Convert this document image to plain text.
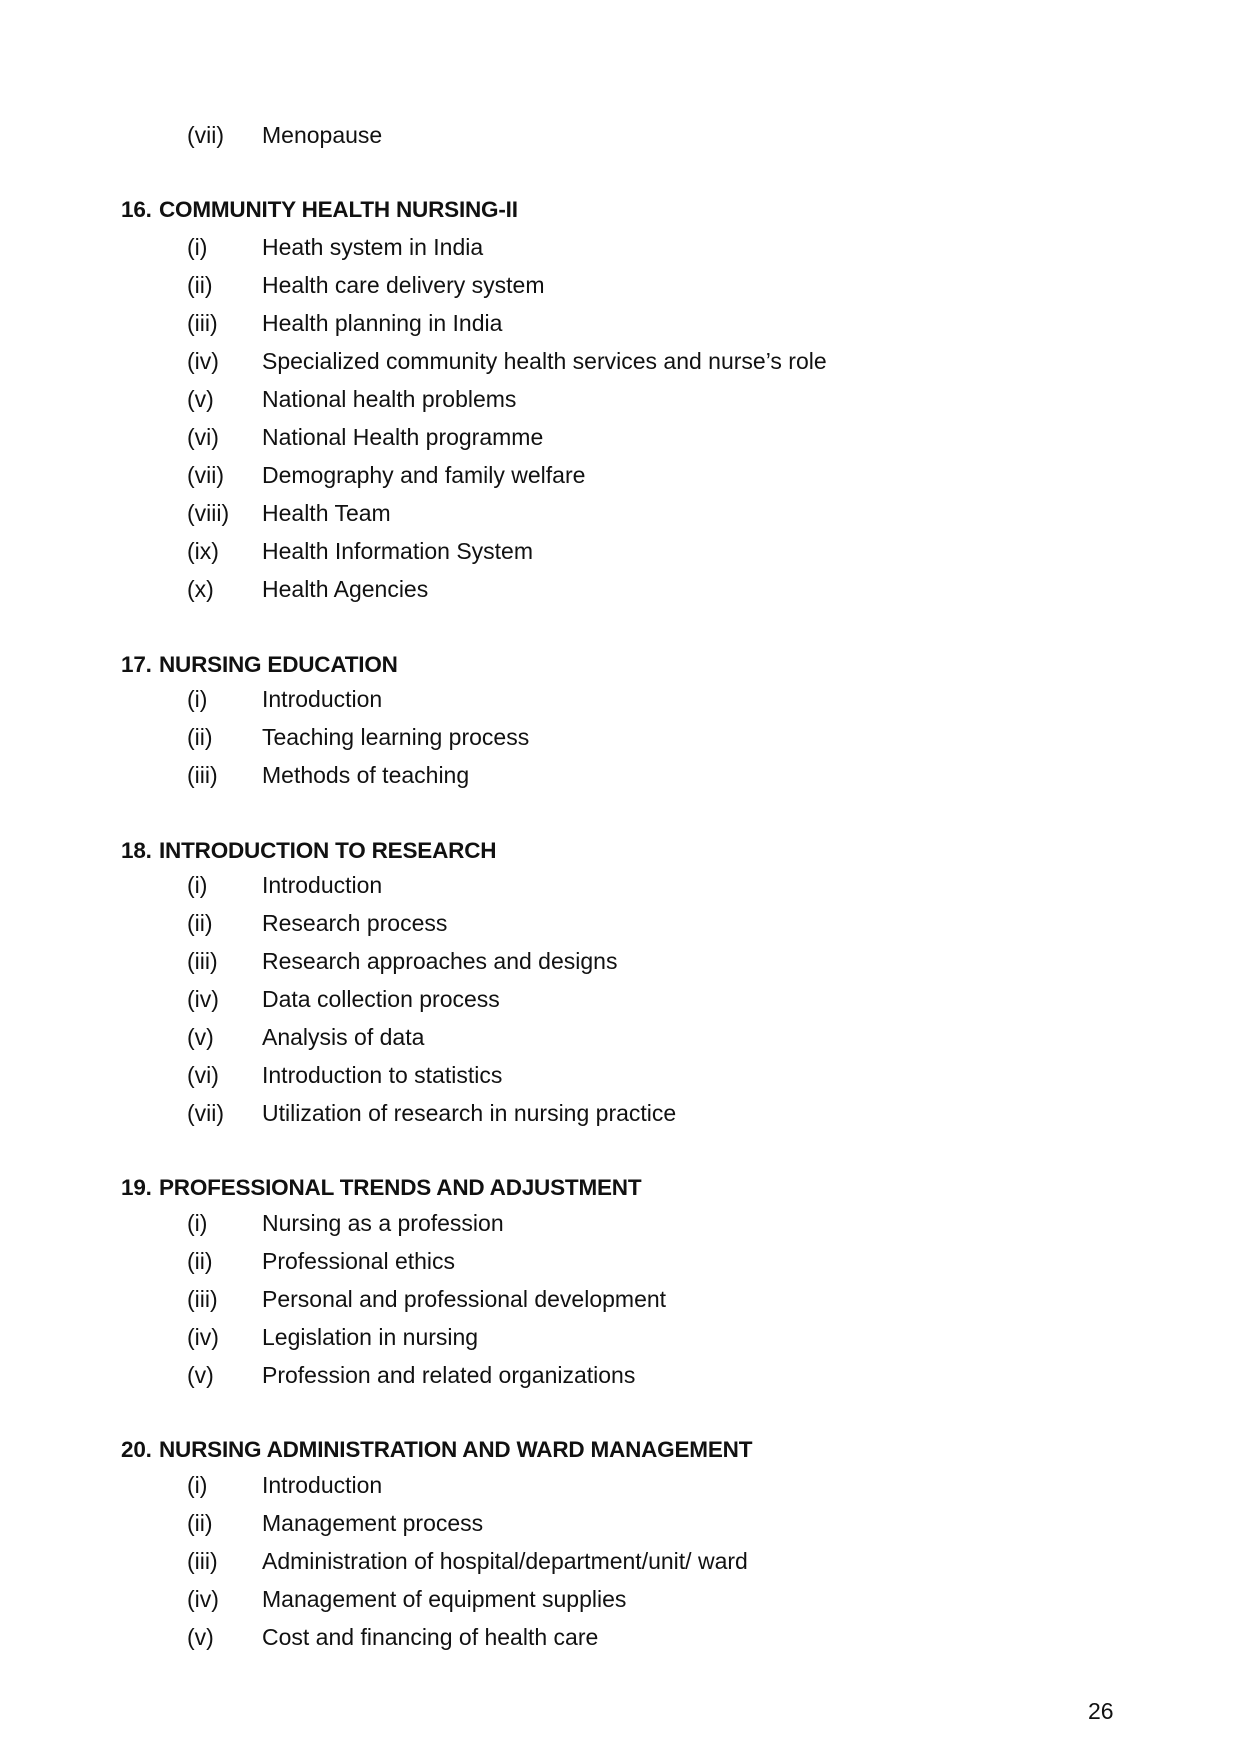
(vii) Menopause
16. COMMUNITY HEALTH NURSING-II
(i) Heath system in India
(ii) Health care delivery system
(iii) Health planning in India
(iv) Specialized community health services and nurse’s role
(v) National health problems
(vi) National Health programme
(vii) Demography and family welfare
(viii) Health Team
(ix) Health Information System
(x) Health Agencies
17. NURSING EDUCATION
(i) Introduction
(ii) Teaching learning process
(iii) Methods of teaching
18. INTRODUCTION TO RESEARCH
(i) Introduction
(ii) Research process
(iii) Research approaches and designs
(iv) Data collection process
(v) Analysis of data
(vi) Introduction to statistics
(vii) Utilization of research in nursing practice
19. PROFESSIONAL TRENDS AND ADJUSTMENT
(i) Nursing as a profession
(ii) Professional ethics
(iii) Personal and professional development
(iv) Legislation in nursing
(v) Profession and related organizations
20. NURSING ADMINISTRATION AND WARD MANAGEMENT
(i) Introduction
(ii) Management process
(iii) Administration of hospital/department/unit/ ward
(iv) Management of equipment supplies
(v) Cost and financing of health care
26
